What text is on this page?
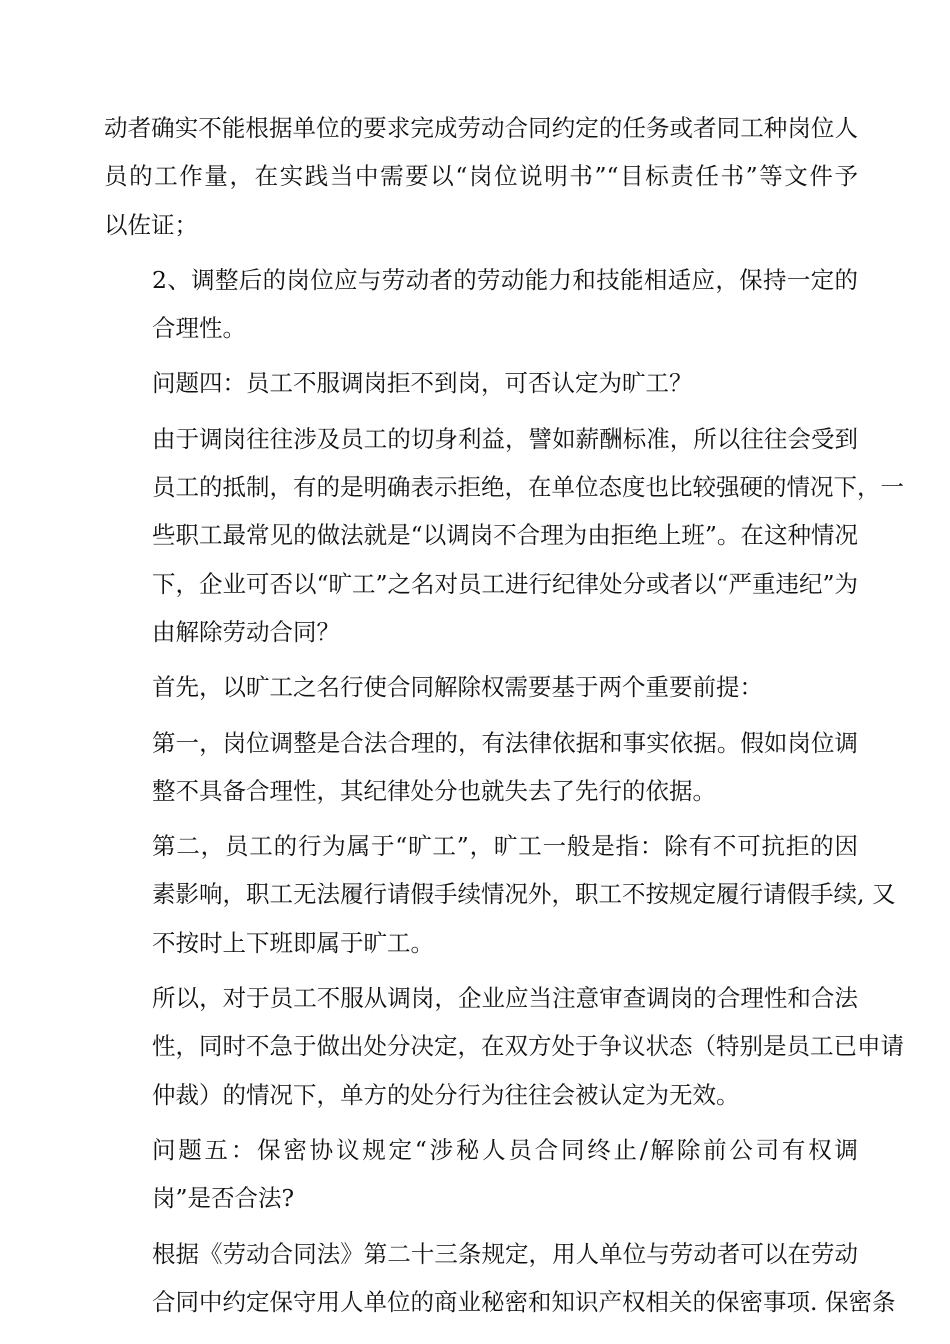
动者确实不能根据单位的要求完成劳动合同约定的任务或者同工种岗位人
员的工作量，在实践当中需要以“岗位说明书”“目标责任书”等文件予
以佐证；
2、调整后的岗位应与劳动者的劳动能力和技能相适应，保持一定的
合理性。
问题四：员工不服调岗拒不到岗，可否认定为旷工？
由于调岗往往涉及员工的切身利益，譬如薪酬标准，所以往往会受到
员工的抵制，有的是明确表示拒绝，在单位态度也比较强硬的情况下，一
些职工最常见的做法就是“以调岗不合理为由拒绝上班”。在这种情况
下，企业可否以“旷工”之名对员工进行纪律处分或者以“严重违纪”为
由解除劳动合同？
首先，以旷工之名行使合同解除权需要基于两个重要前提：
第一，岗位调整是合法合理的，有法律依据和事实依据。假如岗位调
整不具备合理性，其纪律处分也就失去了先行的依据。
第二，员工的行为属于“旷工”，旷工一般是指：除有不可抗拒的因
素影响，职工无法履行请假手续情况外，职工不按规定履行请假手续, 又
不按时上下班即属于旷工。
所以，对于员工不服从调岗，企业应当注意审查调岗的合理性和合法
性，同时不急于做出处分决定，在双方处于争议状态（特别是员工已申请
仲裁）的情况下，单方的处分行为往往会被认定为无效。
问题五：保密协议规定“涉秘人员合同终止/解除前公司有权调
岗”是否合法?
根据《劳动合同法》第二十三条规定，用人单位与劳动者可以在劳动
合同中约定保守用人单位的商业秘密和知识产权相关的保密事项. 保密条
